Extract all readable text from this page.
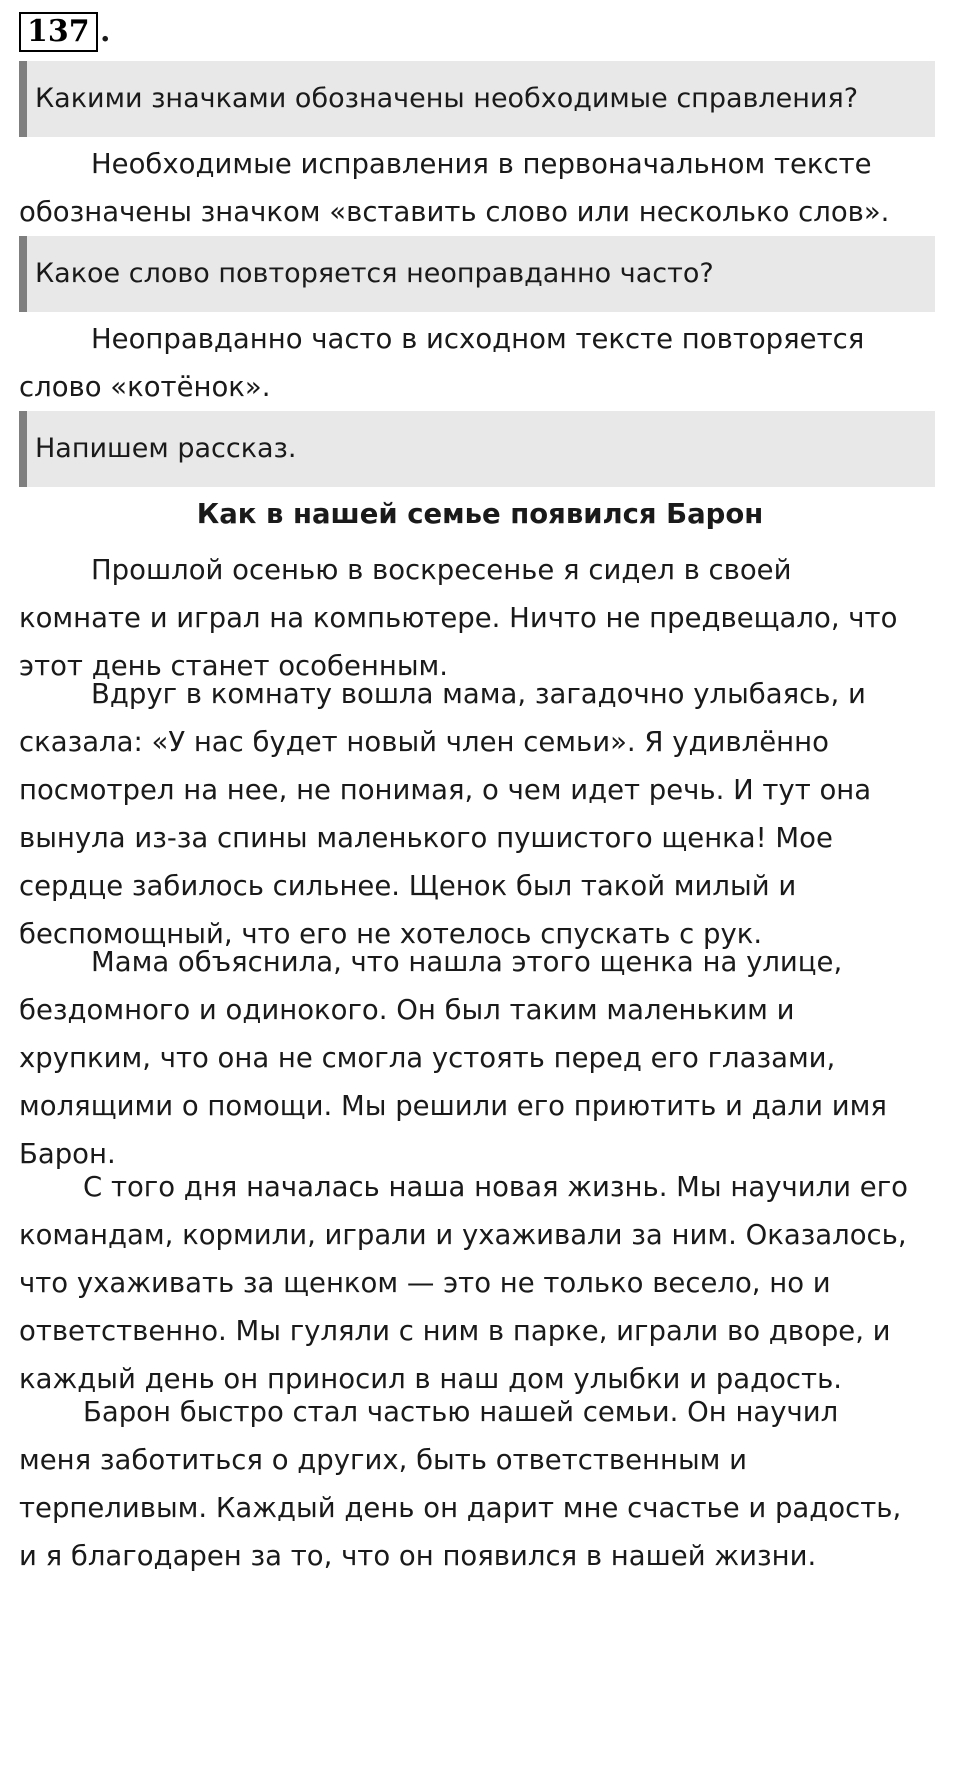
137 .
Какими значками обозначены необходимые справления?

Необходимые исправления в первоначальном тексте
обозначены значком «вставить слово или несколько слов».

Какое слово повторяется неоправданно часто?

Неоправданно часто в исходном тексте повторяется
слово «котёнок».

Напишем рассказ.
Как в нашей семье появился Барон

Прошлой осенью в воскресенье я сидел в своей
комнате и играл на компьютере. Ничто не предвещало, что
этот день станет особенным.

Вдруг в комнату вошла мама, загадочно улыбаясь, и
сказала: «У нас будет новый член семьи». Я удивлённо
посмотрел на нее, не понимая, о чем идет речь. И тут она
вынула из-за спины маленького пушистого щенка! Мое
сердце забилось сильнее. Щенок был такой милый и
беспомощный, что его не хотелось спускать с рук.

Мама объяснила, что нашла этого щенка на улице,
бездомного и одинокого. Он был таким маленьким и
хрупким, что она не смогла устоять перед его глазами,
молящими о помощи. Мы решили его приютить и дали имя
Барон.

С того дня началась наша новая жизнь. Мы научили его
командам, кормили, играли и ухаживали за ним. Оказалось,
что ухаживать за щенком — это не только весело, но и
ответственно. Мы гуляли с ним в парке, играли во дворе, и
каждый день он приносил в наш дом улыбки и радость.

Барон быстро стал частью нашей семьи. Он научил
меня заботиться о других, быть ответственным и
терпеливым. Каждый день он дарит мне счастье и радость,
и я благодарен за то, что он появился в нашей жизни.
